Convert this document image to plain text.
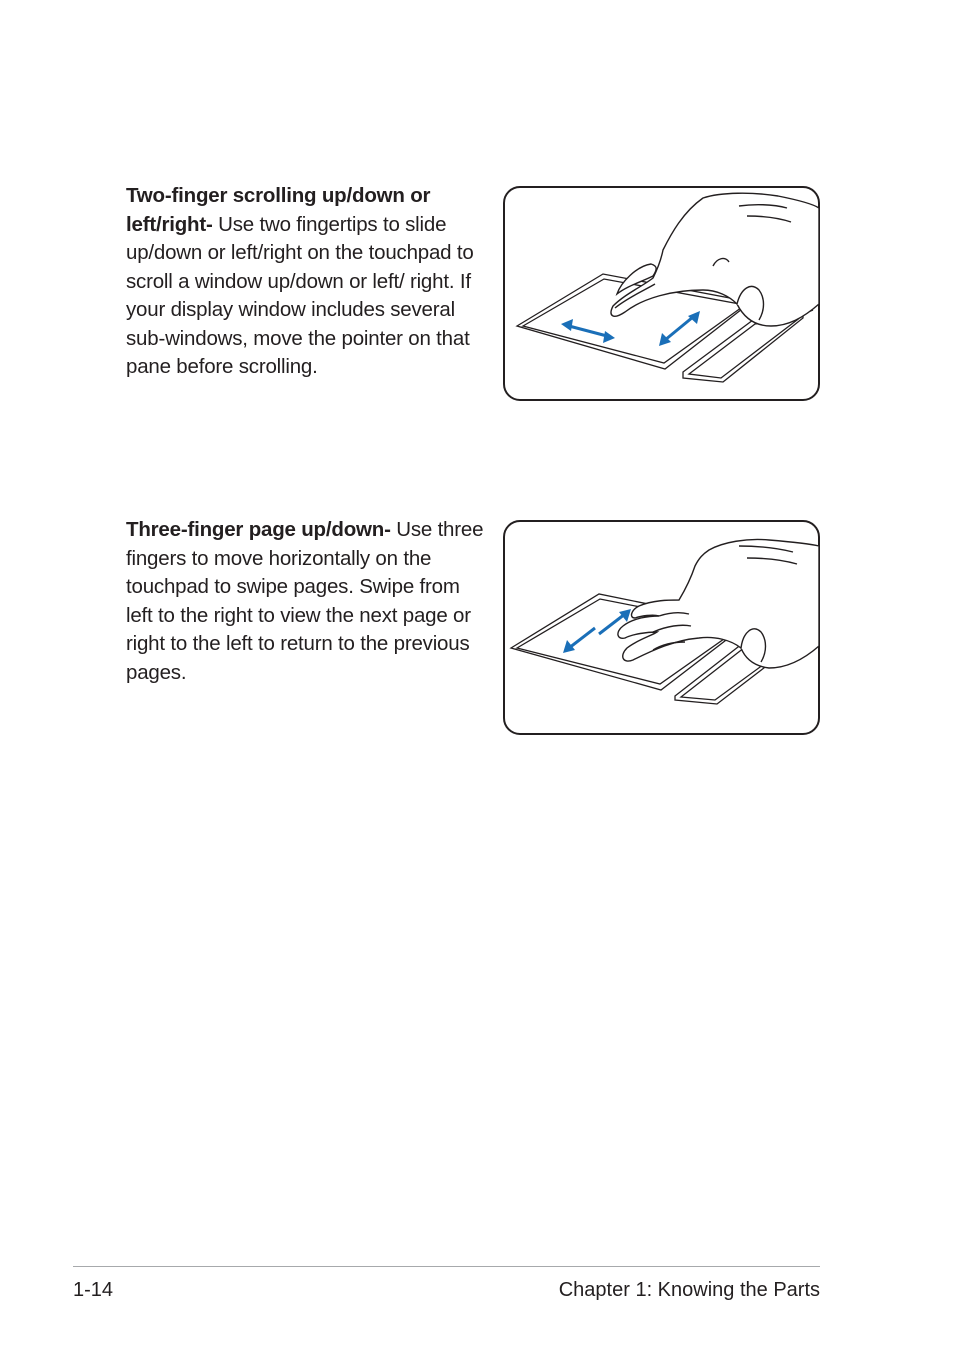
Two-finger scrolling up/down or left/right- Use two fingertips to slide up/down or left/right on the touchpad to scroll a window up/down or left/ right. If your display window includes several sub-windows, move the pointer on that pane before scrolling.

Three-finger page up/down- Use three fingers to move horizontally on the touchpad to swipe pages. Swipe from left to the right to view the next page or right to the left to return to the previous pages.

1-14	Chapter 1: Knowing the Parts
